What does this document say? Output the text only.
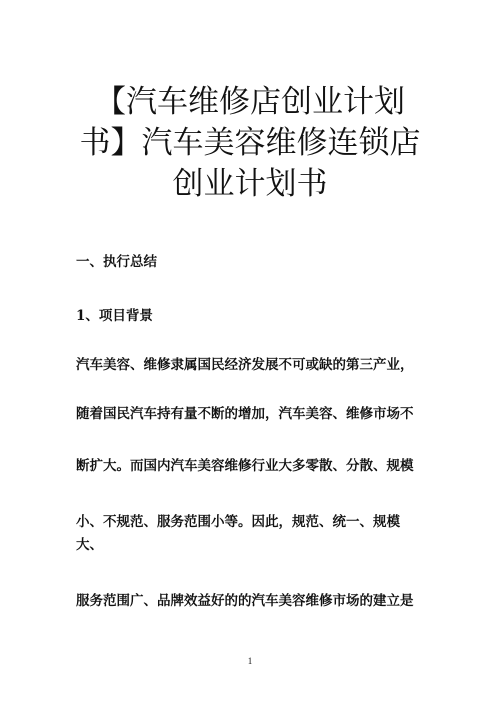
【汽车维修店创业计划
书】汽车美容维修连锁店
创业计划书
一、执行总结
1、项目背景

汽车美容、维修隶属国民经济发展不可或缺的第三产业，

随着国民汽车持有量不断的增加，汽车美容、维修市场不

断扩大。而国内汽车美容维修行业大多零散、分散、规模

小、不规范、服务范围小等。因此，规范、统一、规模

大、

服务范围广、品牌效益好的的汽车美容维修市场的建立是

1
